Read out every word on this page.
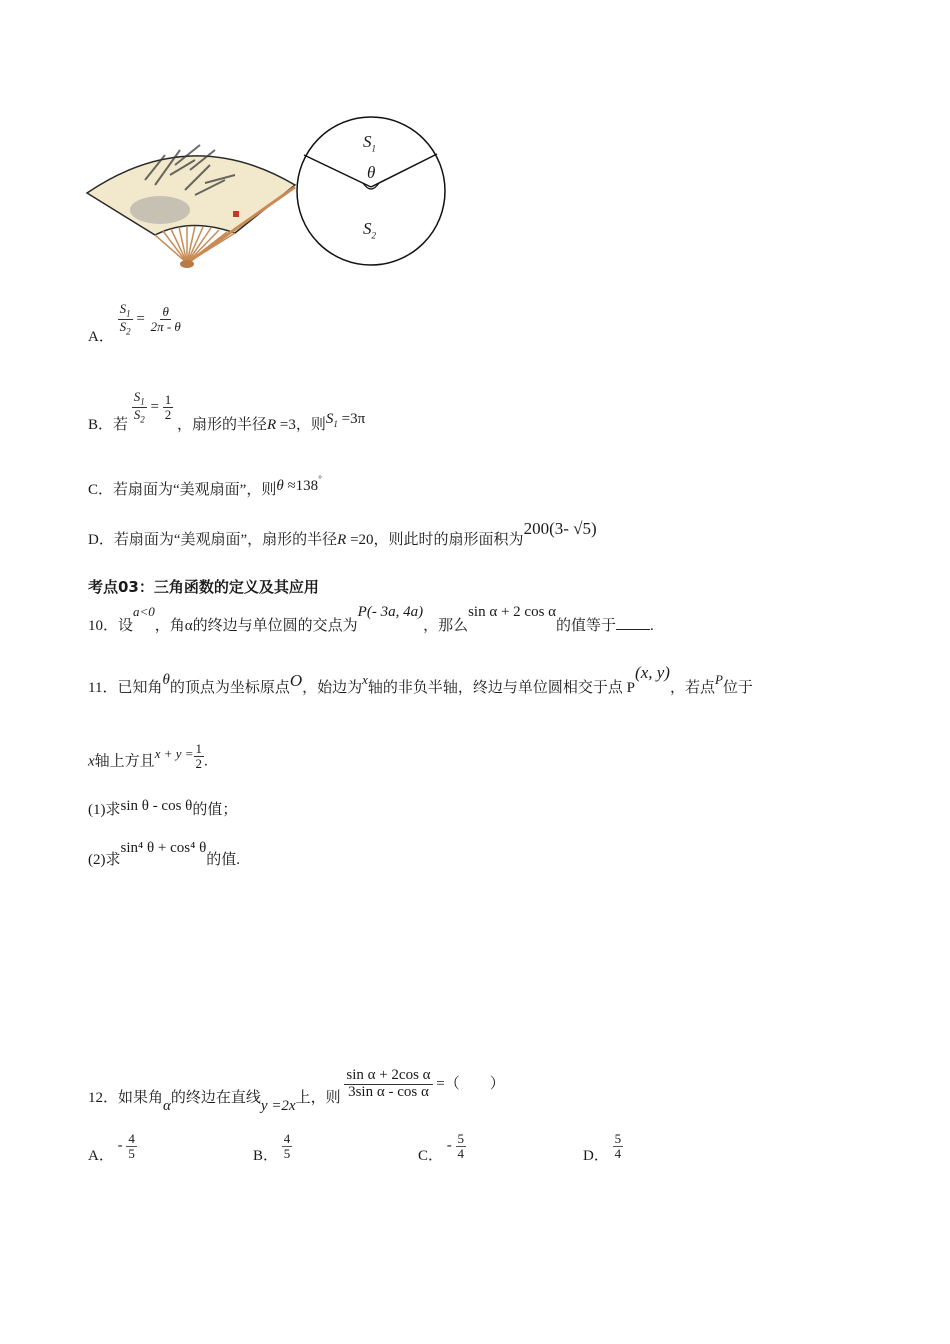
$S_1$
θ
$S_2$
A． $\frac{S_1}{S_2} = \frac{\theta}{2\pi - \theta}$
B．若 $\frac{S_1}{S_2} = \frac{1}{2}$
，扇形的半径R =3，则$S_1 =3\pi$
C．若扇面为“美观扇面”，则θ ≈138°
D．若扇面为“美观扇面”，扇形的半径R =20，则此时的扇形面积为200(3- √5)
考点03：三角函数的定义及其应用
10．设a<0，角α的终边与单位圆的交点为P(- 3a, 4a)，那么sin α + 2 cos α的值等于 .
11．已知角θ的顶点为坐标原点O，始边为x轴的非负半轴，终边与单位圆相交于点 P(x, y)，若点P位于
x轴上方且$x + y = \frac{1}{2}$ .
(1)求sin θ - cos θ的值；
(2)求sin⁴ θ + cos⁴ θ的值.
12．如果角α的终边在直线y =2x上，则 $\frac{\text{sin α + 2cos α}}{\text{3sin α - cos α}}$ =（　　）
A． - $\frac{4}{5}$	B． $\frac{4}{5}$	C． - $\frac{5}{4}$	D． $\frac{5}{4}$
